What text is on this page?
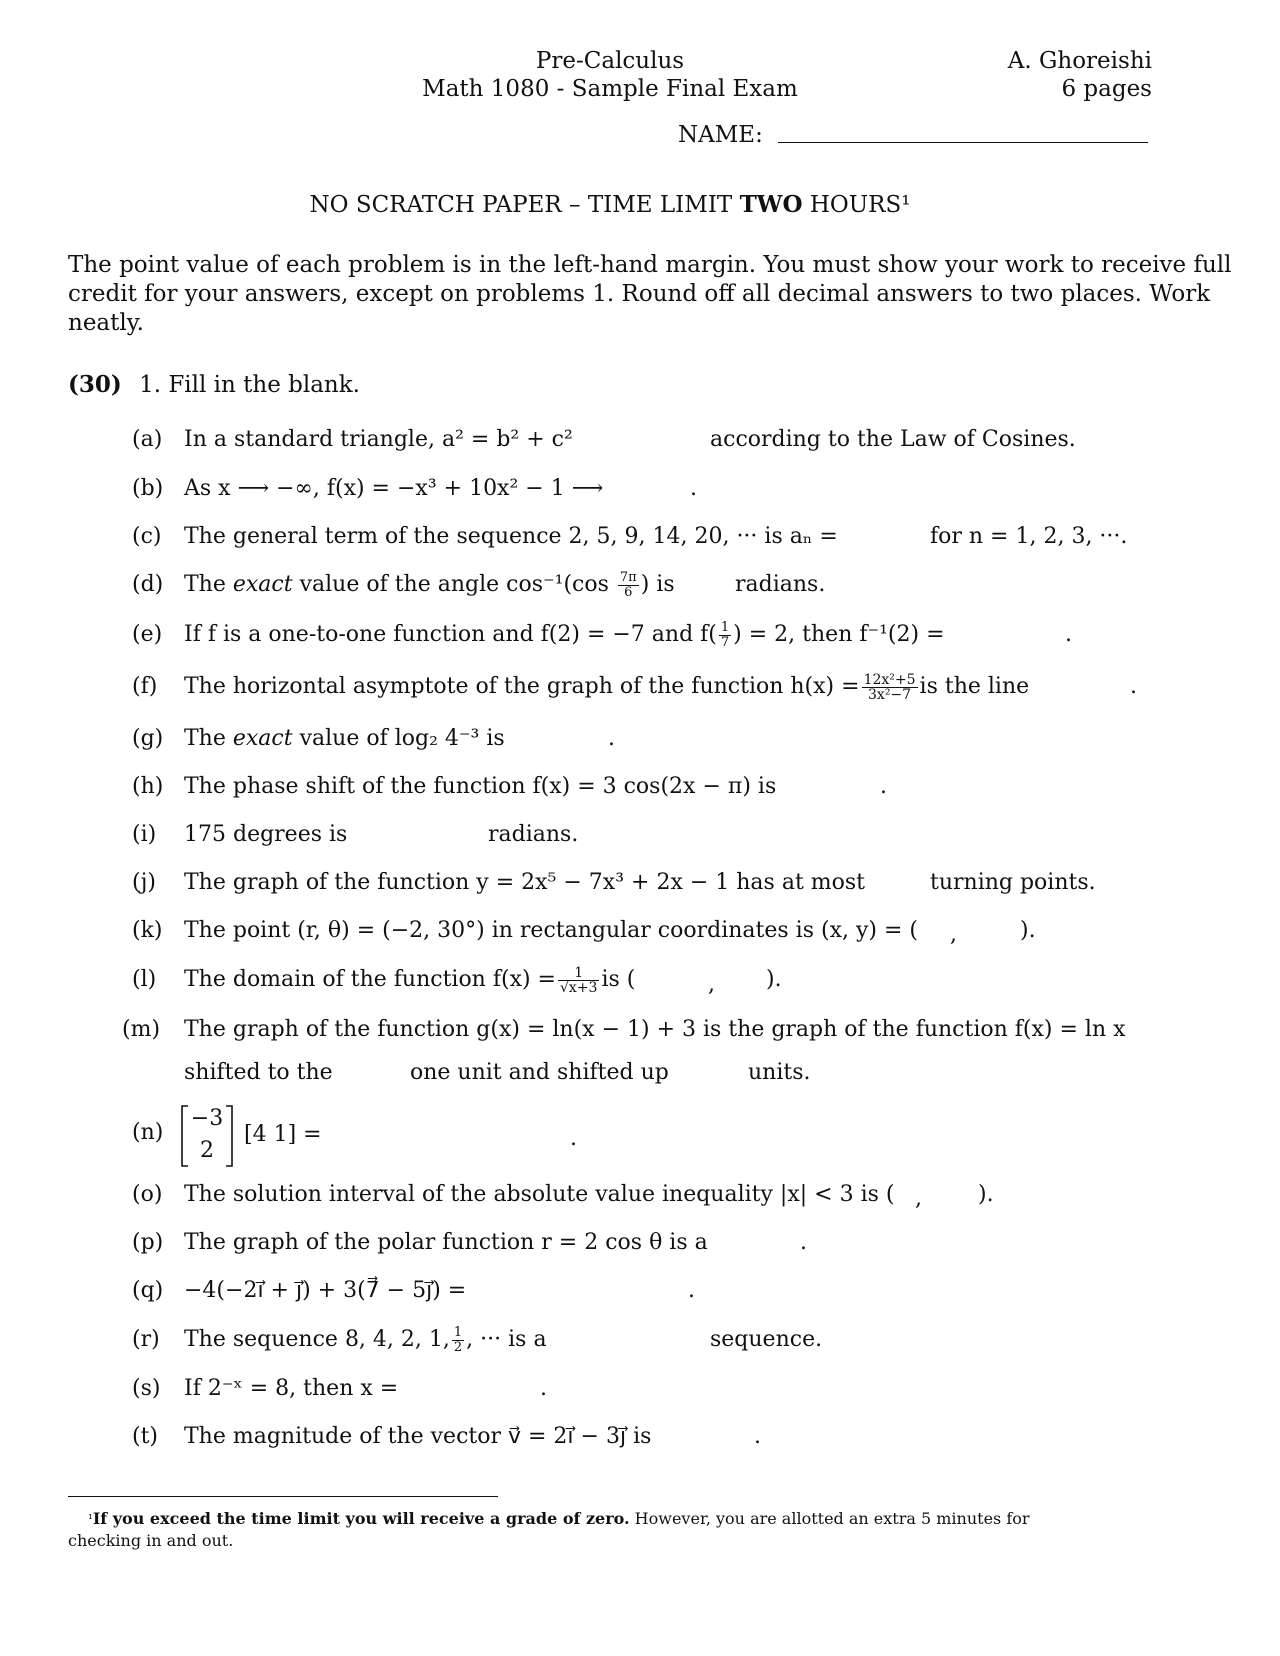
Pre-Calculus
Math 1080 - Sample Final Exam
A. Ghoreishi
6 pages
NAME:
NO SCRATCH PAPER – TIME LIMIT TWO HOURS¹
The point value of each problem is in the left-hand margin. You must show your work to receive full
credit for your answers, except on problems 1. Round off all decimal answers to two places. Work
neatly.
(30) 1. Fill in the blank.
(a) In a standard triangle, a² = b² + c²	according to the Law of Cosines.
(b) As x ⟶ −∞, f(x) = −x³ + 10x² − 1 ⟶	.
(c) The general term of the sequence 2, 5, 9, 14, 20, ··· is aₙ =	for n = 1, 2, 3, ···.
(d) The exact value of the angle $\cos^{-1}(\cos \frac{7\pi}{6}$ ) is	radians.
(e) If f is a one-to-one function and f(2) = −7 and $f( \frac{1}{7}$ ) = 2, then f⁻¹(2) =	.
(f) The horizontal asymptote of the graph of the function $h(x) = \frac{\text{12x²+5}}{\text{3x²−7}}$ is the line	.
(g) The exact value of log₂ 4⁻³ is	.
(h) The phase shift of the function f(x) = 3 cos(2x − π) is	.
(i) 175 degrees is	radians.
(j) The graph of the function y = 2x⁵ − 7x³ + 2x − 1 has at most	turning points.
(k) The point (r, θ) = (−2, 30°) in rectangular coordinates is (x, y) = ( ,	).
(l) The domain of the function $f(x) = \frac{1}{√x+3}$ is (	, ).
(m) The graph of the function g(x) = ln(x − 1) + 3 is the graph of the function f(x) = ln x
shifted to the	one unit and shifted up	units.
(n)
−3
2
[4 1] =	.
(o) The solution interval of the absolute value inequality |x| < 3 is ( ,	).
(p) The graph of the polar function r = 2 cos θ is a	.
(q) −4(−2i⃗ + j⃗) + 3(7⃗ − 5j⃗) =	.
(r) The sequence 8, 4, 2, 1, $\frac{1}{2}$ , ··· is a	sequence.
(s) If 2⁻ˣ = 8, then x =	.
(t) The magnitude of the vector v⃗ = 2i⃗ − 3j⃗ is	.
$^{^1}$If you exceed the time limit you will receive a grade of zero. However, you are allotted an extra 5 minutes for
checking in and out.
